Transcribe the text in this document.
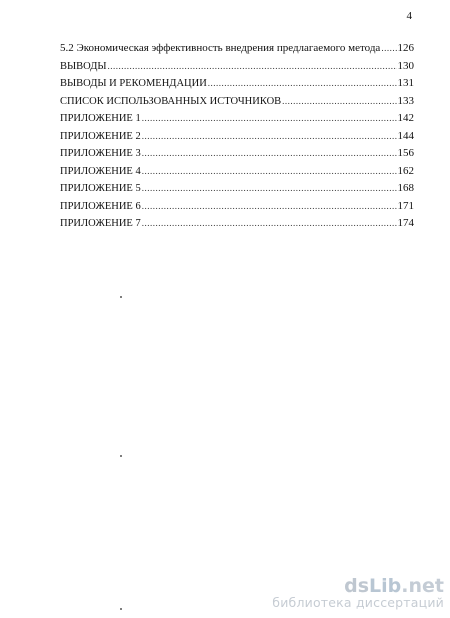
4
5.2 Экономическая эффективность внедрения предлагаемого метода ..... 126
ВЫВОДЫ .....	130
ВЫВОДЫ И РЕКОМЕНДАЦИИ .....	131
СПИСОК ИСПОЛЬЗОВАННЫХ ИСТОЧНИКОВ .....	133
ПРИЛОЖЕНИЕ 1 .....	142
ПРИЛОЖЕНИЕ 2 .....	144
ПРИЛОЖЕНИЕ 3 .....	156
ПРИЛОЖЕНИЕ 4 .....	162
ПРИЛОЖЕНИЕ 5 .....	168
ПРИЛОЖЕНИЕ 6 .....	171
ПРИЛОЖЕНИЕ 7 .....	174
ds Lib .net
библиотека диссертаций
